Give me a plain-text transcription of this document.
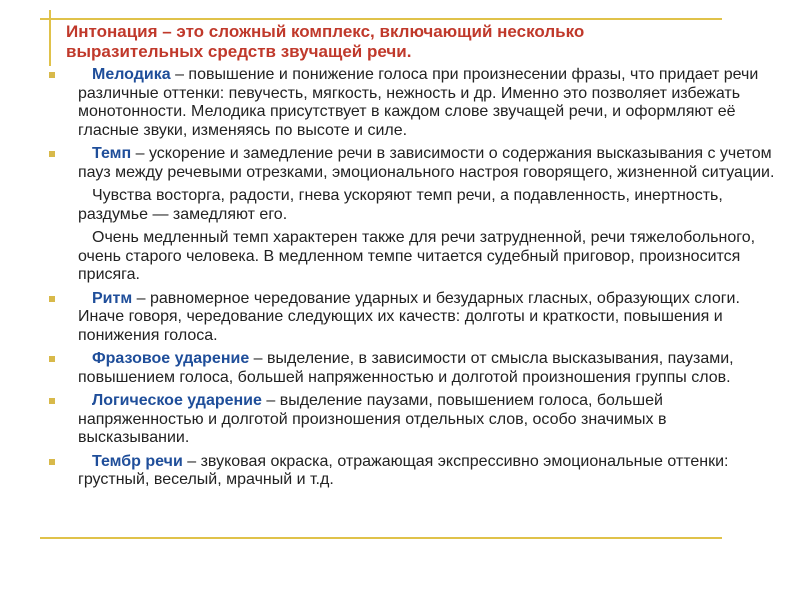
Интонация – это сложный комплекс, включающий несколько
выразительных средств звучащей речи.

Мелодика – повышение и понижение голоса при произнесении фразы, что придает речи различные оттенки: певучесть, мягкость, нежность и др. Именно это позволяет избежать монотонности. Мелодика присутствует в каждом слове звучащей речи, и оформляют её гласные звуки, изменяясь по высоте и силе.

Темп – ускорение и замедление речи в зависимости о содержания высказывания с учетом пауз между речевыми отрезками, эмоционального настроя говорящего, жизненной ситуации.

Чувства восторга, радости, гнева ускоряют темп речи, а подавленность, инертность, раздумье — замедляют его.

Очень медленный темп характерен также для речи затрудненной, речи тяжелобольного, очень старого человека. В медленном темпе читается судебный приговор, произносится присяга.

Ритм – равномерное чередование ударных и безударных гласных, образующих слоги. Иначе говоря, чередование следующих их качеств: долготы и краткости, повышения и понижения голоса.

Фразовое ударение – выделение, в зависимости от смысла высказывания, паузами, повышением голоса, большей напряженностью и долготой произношения группы слов.

Логическое ударение – выделение паузами, повышением голоса, большей напряженностью и долготой произношения отдельных слов, особо значимых в высказывании.

Тембр речи – звуковая окраска, отражающая экспрессивно эмоциональные оттенки: грустный, веселый, мрачный и т.д.
